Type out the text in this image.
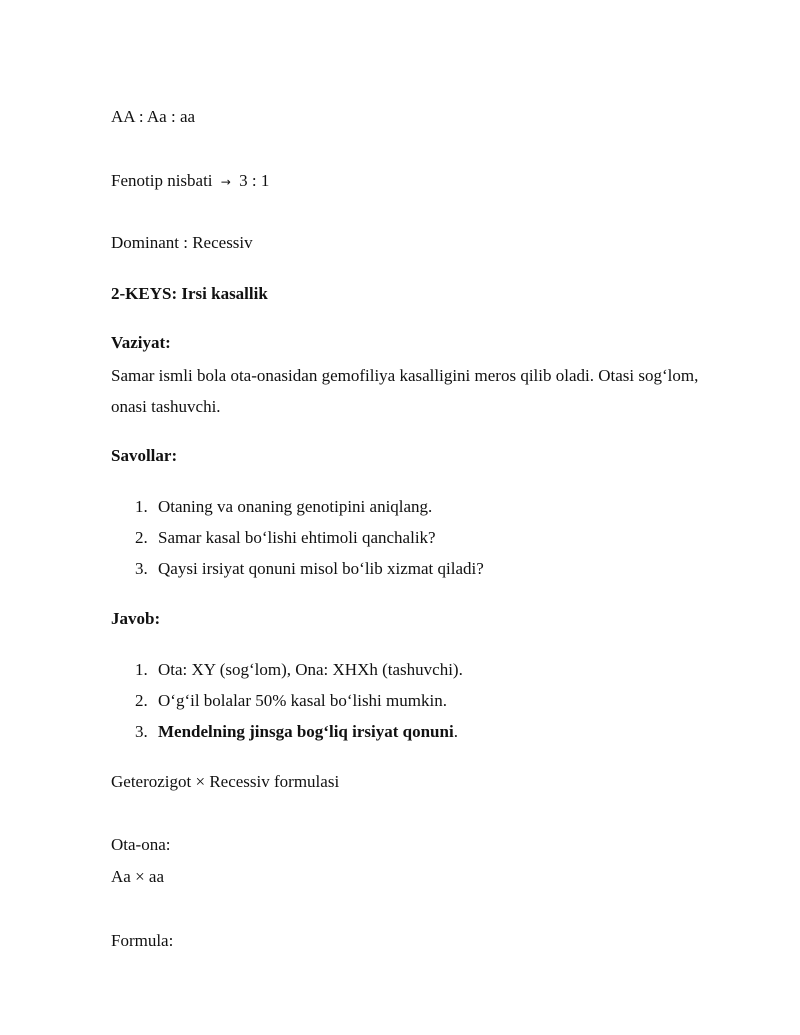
AA : Aa : aa
Fenotip nisbati → 3 : 1
Dominant : Recessiv
2-KEYS: Irsi kasallik
Vaziyat:
Samar ismli bola ota-onasidan gemofiliya kasalligini meros qilib oladi. Otasi sog‘lom,
onasi tashuvchi.
Savollar:
1. Otaning va onaning genotipini aniqlang.
2. Samar kasal bo‘lishi ehtimoli qanchalik?
3. Qaysi irsiyat qonuni misol bo‘lib xizmat qiladi?
Javob:
1. Ota: XY (sog‘lom), Ona: XHXh (tashuvchi).
2. O‘g‘il bolalar 50% kasal bo‘lishi mumkin.
3. Mendelning jinsga bog‘liq irsiyat qonuni.
Geterozigot × Recessiv formulasi
Ota-ona:
Aa × aa
Formula:
